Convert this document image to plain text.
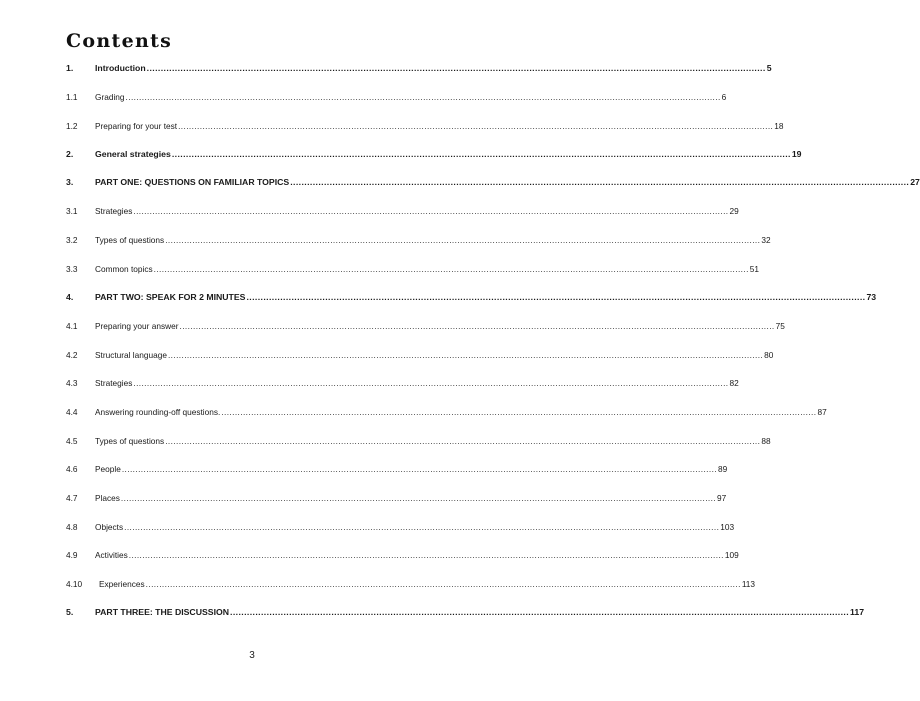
Contents
1.	Introduction ............................................................................................................................................................................................................................ 5
1.1	Grading ............................................................................................................................................................................................................................ 6
1.2	Preparing for your test ............................................................................................................................................................................................................................ 18
2.	General strategies ............................................................................................................................................................................................................................ 19
3.	PART ONE: QUESTIONS ON FAMILIAR TOPICS ............................................................................................................................................................................................................................ 27
3.1	Strategies ............................................................................................................................................................................................................................ 29
3.2	Types of questions ............................................................................................................................................................................................................................ 32
3.3	Common topics ............................................................................................................................................................................................................................ 51
4.	PART TWO: SPEAK FOR 2 MINUTES ............................................................................................................................................................................................................................ 73
4.1	Preparing your answer ............................................................................................................................................................................................................................ 75
4.2	Structural language ............................................................................................................................................................................................................................ 80
4.3	Strategies ............................................................................................................................................................................................................................ 82
4.4	Answering rounding-off questions. ............................................................................................................................................................................................................................ 87
4.5	Types of questions ............................................................................................................................................................................................................................ 88
4.6	People ............................................................................................................................................................................................................................ 89
4.7	Places ............................................................................................................................................................................................................................ 97
4.8	Objects ............................................................................................................................................................................................................................ 103
4.9	Activities ............................................................................................................................................................................................................................ 109
4.10	Experiences ............................................................................................................................................................................................................................ 113
5.	PART THREE: THE DISCUSSION ............................................................................................................................................................................................................................ 117
3
